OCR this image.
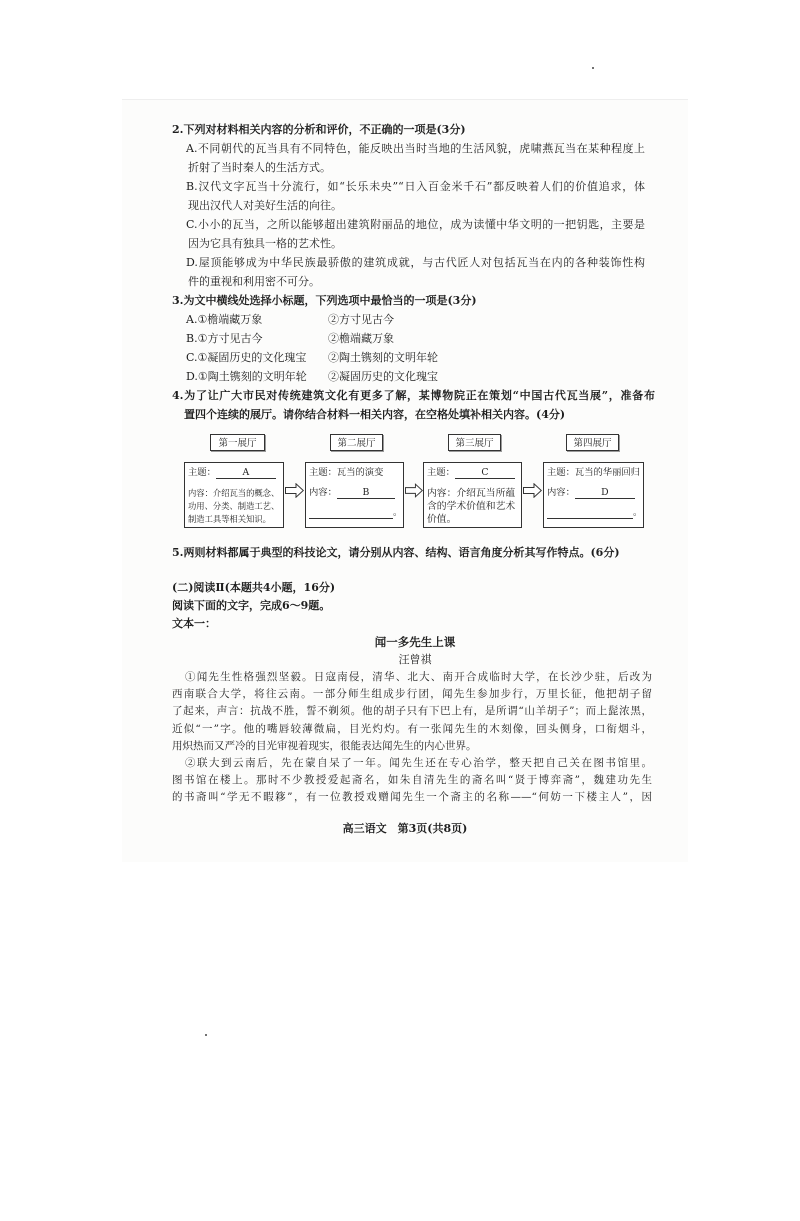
2.下列对材料相关内容的分析和评价，不正确的一项是(3分)
A.不同朝代的瓦当具有不同特色，能反映出当时当地的生活风貌，虎啸燕瓦当在某种程度上
折射了当时秦人的生活方式。
B.汉代文字瓦当十分流行，如“长乐未央”“日入百金米千石”都反映着人们的价值追求，体
现出汉代人对美好生活的向往。
C.小小的瓦当，之所以能够超出建筑附丽品的地位，成为读懂中华文明的一把钥匙，主要是
因为它具有独具一格的艺术性。
D.屋顶能够成为中华民族最骄傲的建筑成就，与古代匠人对包括瓦当在内的各种装饰性构
件的重视和利用密不可分。
3.为文中横线处选择小标题，下列选项中最恰当的一项是(3分)
A.①檐端藏万象	②方寸见古今
B.①方寸见古今	②檐端藏万象
C.①凝固历史的文化瑰宝	②陶土镌刻的文明年轮
D.①陶土镌刻的文明年轮	②凝固历史的文化瑰宝
4.为了让广大市民对传统建筑文化有更多了解，某博物院正在策划“中国古代瓦当展”，准备布
置四个连续的展厅。请你结合材料一相关内容，在空格处填补相关内容。(4分)
第一展厅	第二展厅	第三展厅	第四展厅
主题：	A
内容：介绍瓦当的概念、
功用、分类、制造工艺、
制造工具等相关知识。
主题：瓦当的演变
内容：	B
。
主题：	C
内容：介绍瓦当所蕴
含的学术价值和艺术
价值。
主题：瓦当的华丽回归
内容：	D
。
5.两则材料都属于典型的科技论文，请分别从内容、结构、语言角度分析其写作特点。(6分)
(二)阅读Ⅱ(本题共4小题，16分)
阅读下面的文字，完成6～9题。
文本一：
闻一多先生上课
汪曾祺
①闻先生性格强烈坚毅。日寇南侵，清华、北大、南开合成临时大学，在长沙少驻，后改为
西南联合大学，将往云南。一部分师生组成步行团，闻先生参加步行，万里长征，他把胡子留
了起来，声言：抗战不胜，誓不剃须。他的胡子只有下巴上有，是所谓“山羊胡子”；而上髭浓黑，
近似“一”字。他的嘴唇较薄微扁，目光灼灼。有一张闻先生的木刻像，回头侧身，口衔烟斗，
用炽热而又严冷的目光审视着现实，很能表达闻先生的内心世界。
②联大到云南后，先在蒙自呆了一年。闻先生还在专心治学，整天把自己关在图书馆里。
图书馆在楼上。那时不少教授爱起斋名，如朱自清先生的斋名叫“贤于博弈斋”，魏建功先生
的书斋叫“学无不暇簃”，有一位教授戏赠闻先生一个斋主的名称——“何妨一下楼主人”，因
高三语文　第3页(共8页)
